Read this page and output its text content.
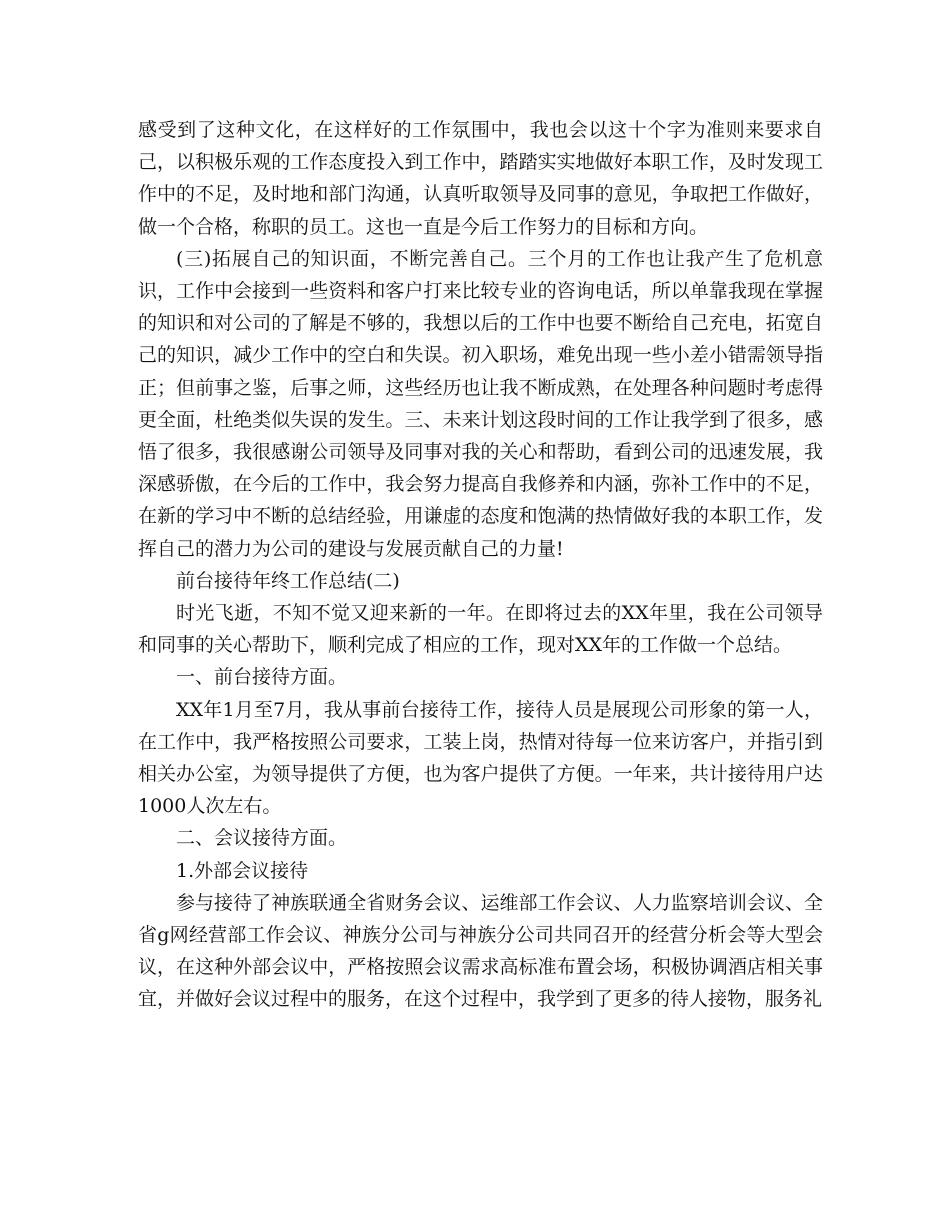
感受到了这种文化，在这样好的工作氛围中，我也会以这十个字为准则来要求自己，以积极乐观的工作态度投入到工作中，踏踏实实地做好本职工作，及时发现工作中的不足，及时地和部门沟通，认真听取领导及同事的意见，争取把工作做好，做一个合格，称职的员工。这也一直是今后工作努力的目标和方向。

(三)拓展自己的知识面，不断完善自己。三个月的工作也让我产生了危机意识，工作中会接到一些资料和客户打来比较专业的咨询电话，所以单靠我现在掌握的知识和对公司的了解是不够的，我想以后的工作中也要不断给自己充电，拓宽自己的知识，减少工作中的空白和失误。初入职场，难免出现一些小差小错需领导指正；但前事之鉴，后事之师，这些经历也让我不断成熟，在处理各种问题时考虑得更全面，杜绝类似失误的发生。三、未来计划这段时间的工作让我学到了很多，感悟了很多，我很感谢公司领导及同事对我的关心和帮助，看到公司的迅速发展，我深感骄傲，在今后的工作中，我会努力提高自我修养和内涵，弥补工作中的不足，在新的学习中不断的总结经验，用谦虚的态度和饱满的热情做好我的本职工作，发挥自己的潜力为公司的建设与发展贡献自己的力量!

前台接待年终工作总结(二)

时光飞逝，不知不觉又迎来新的一年。在即将过去的XX年里，我在公司领导和同事的关心帮助下，顺利完成了相应的工作，现对XX年的工作做一个总结。

一、前台接待方面。

XX年1月至7月，我从事前台接待工作，接待人员是展现公司形象的第一人，在工作中，我严格按照公司要求，工装上岗，热情对待每一位来访客户，并指引到相关办公室，为领导提供了方便，也为客户提供了方便。一年来，共计接待用户达1000人次左右。

二、会议接待方面。

1.外部会议接待

参与接待了神族联通全省财务会议、运维部工作会议、人力监察培训会议、全省g网经营部工作会议、神族分公司与神族分公司共同召开的经营分析会等大型会议，在这种外部会议中，严格按照会议需求高标准布置会场，积极协调酒店相关事宜，并做好会议过程中的服务，在这个过程中，我学到了更多的待人接物，服务礼
